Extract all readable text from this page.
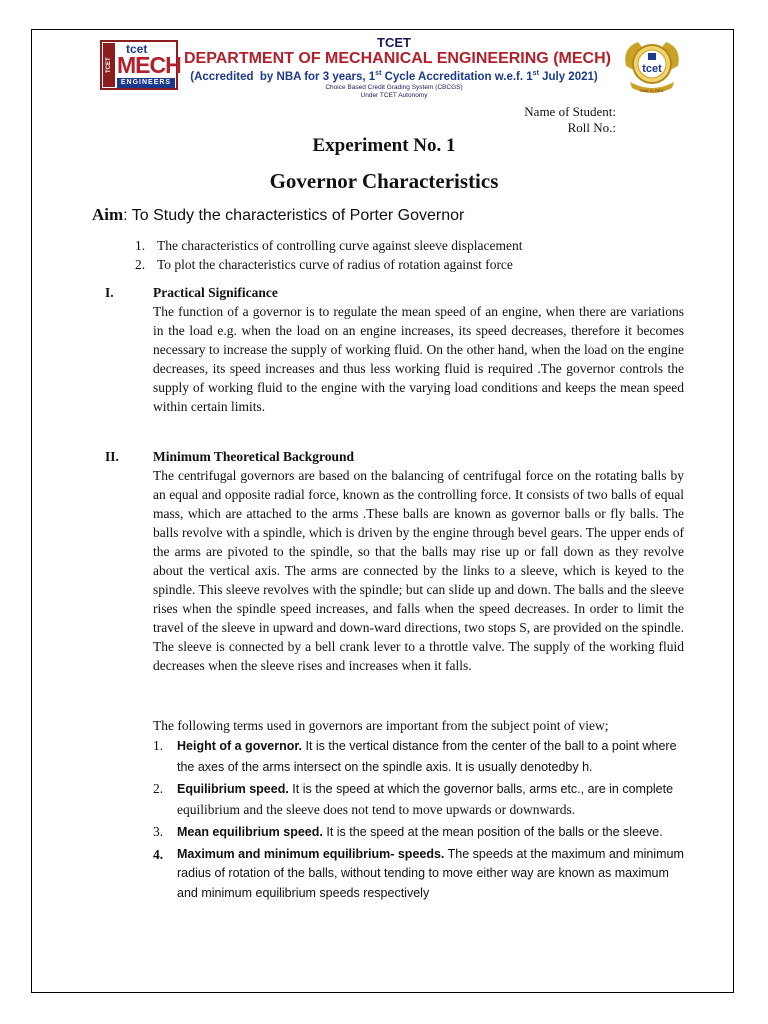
TCET
tcet
MECH
ENGINEERS
TCET
DEPARTMENT OF MECHANICAL ENGINEERING (MECH)
(Accredited  by NBA for 3 years, 1st Cycle Accreditation w.e.f. 1st July 2021)
Choice Based Credit Grading System (CBCGS)
Under TCET Autonomy
tcet
Estd. in 2001
Name of Student:
Roll No.:
Experiment No. 1
Governor Characteristics
Aim: To Study the characteristics of Porter Governor
1. The characteristics of controlling curve against sleeve displacement
2. To plot the characteristics curve of radius of rotation against force
I.	Practical Significance
The function of a governor is to regulate the mean speed of an engine, when there are variations in the load e.g. when the load on an engine increases, its speed decreases, therefore it becomes necessary to increase the supply of working fluid. On the other hand, when the load on the engine decreases, its speed increases and thus less working fluid is required .The governor controls the supply of working fluid to the engine with the varying load conditions and keeps the mean speed within certain limits.
II.	Minimum Theoretical Background
The centrifugal governors are based on the balancing of centrifugal force on the rotating balls by an equal and opposite radial force, known as the controlling force. It consists of two balls of equal mass, which are attached to the arms .These balls are known as governor balls or fly balls. The balls revolve with a spindle, which is driven by the engine through bevel gears. The upper ends of the arms are pivoted to the spindle, so that the balls may rise up or fall down as they revolve about the vertical axis. The arms are connected by the links to a sleeve, which is keyed to the spindle. This sleeve revolves with the spindle; but can slide up and down. The balls and the sleeve rises when the spindle speed increases, and falls when the speed decreases. In order to limit the travel of the sleeve in upward and down-ward directions, two stops S, are provided on the spindle. The sleeve is connected by a bell crank lever to a throttle valve. The supply of the working fluid decreases when the sleeve rises and increases when it falls.
The following terms used in governors are important from the subject point of view;
1. Height of a governor. It is the vertical distance from the center of the ball to a point where the axes of the arms intersect on the spindle axis. It is usually denotedby h.
2. Equilibrium speed. It is the speed at which the governor balls, arms etc., are in complete
equilibrium and the sleeve does not tend to move upwards or downwards.
3. Mean equilibrium speed. It is the speed at the mean position of the balls or the sleeve.
4. Maximum and minimum equilibrium- speeds. The speeds at the maximum and minimum radius of rotation of the balls, without tending to move either way are known as maximum and minimum equilibrium speeds respectively
